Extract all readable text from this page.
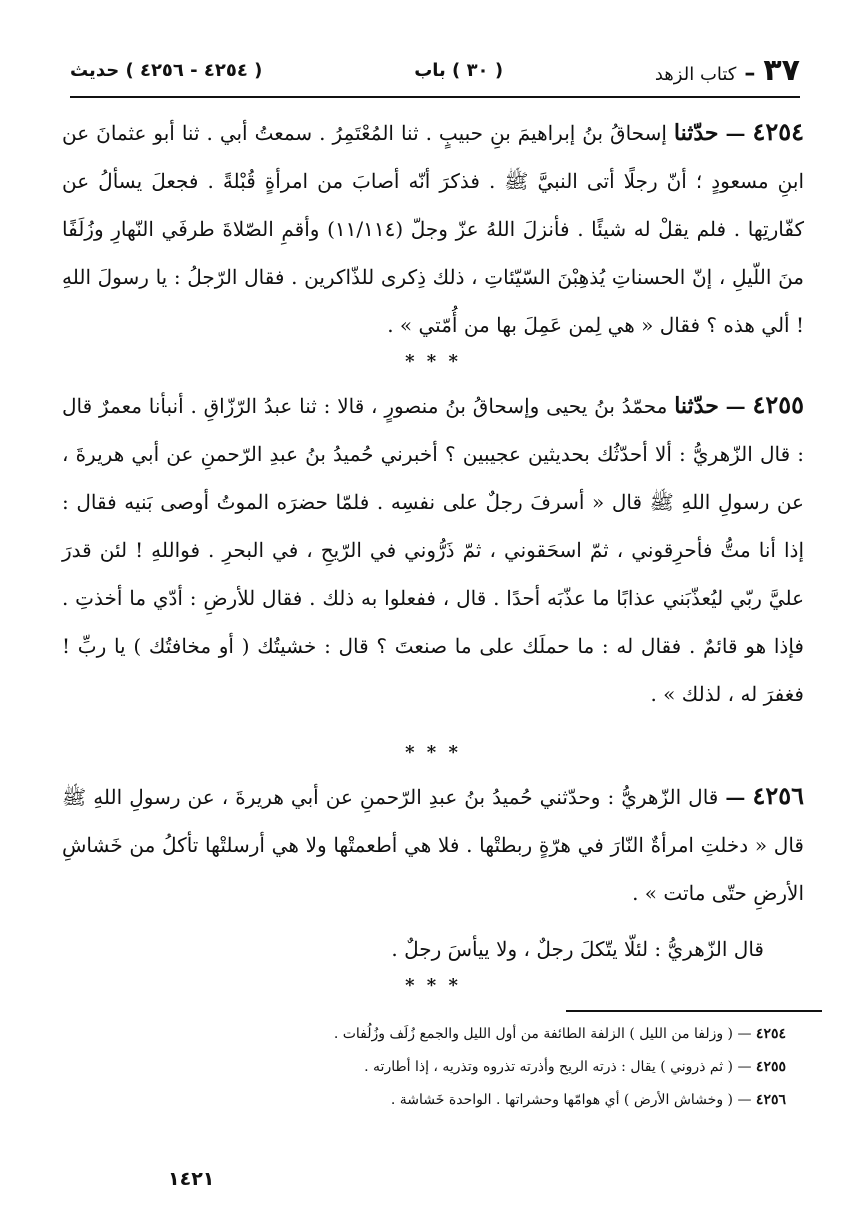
٣٧
–
كتاب الزهد
( ٣٠ ) باب
( ٤٢٥٤ - ٤٢٥٦ ) حديث

٤٢٥٤ — حدّثنا إسحاقُ بنُ إبراهيمَ بنِ حبيبٍ . ثنا المُعْتَمِرُ . سمعتُ أبي . ثنا أبو عثمانَ عن ابنِ مسعودٍ ؛ أنّ رجلًا أتى النبيَّ ﷺ . فذكرَ أنّه أصابَ من امرأةٍ قُبْلةً . فجعلَ يسألُ عن كفّارتِها . فلم يقلْ له شيئًا . فأنزلَ اللهُ عزّ وجلّ (١١/١١٤) وأقمِ الصّلاةَ طرفَي النّهارِ وزُلَفًا منَ اللّيلِ ، إنّ الحسناتِ يُذهِبْنَ السّيّئاتِ ، ذلك ذِكرى للذّاكرين . فقال الرّجلُ : يا رسولَ اللهِ ! ألي هذه ؟ فقال « هي لِمن عَمِلَ بها من أُمّتي » .

* * *

٤٢٥٥ — حدّثنا محمّدُ بنُ يحيى وإسحاقُ بنُ منصورٍ ، قالا : ثنا عبدُ الرّزّاقِ . أنبأنا معمرٌ قال : قال الزّهريُّ : ألا أحدّثُك بحديثين عجيبين ؟ أخبرني حُميدُ بنُ عبدِ الرّحمنِ عن أبي هريرةَ ، عن رسولِ اللهِ ﷺ قال « أسرفَ رجلٌ على نفسِه . فلمّا حضرَه الموتُ أوصى بَنيه فقال : إذا أنا متُّ فأحرِقوني ، ثمّ اسحَقوني ، ثمّ ذَرُّوني في الرّيحِ ، في البحرِ . فواللهِ ! لئن قدرَ عليَّ ربّي ليُعذّبَني عذابًا ما عذّبَه أحدًا . قال ، ففعلوا به ذلك . فقال للأرضِ : أدّي ما أخذتِ . فإذا هو قائمٌ . فقال له : ما حملَك على ما صنعتَ ؟ قال : خشيتُك ( أو مخافتُك ) يا ربِّ ! فغفرَ له ، لذلك » .

* * *

٤٢٥٦ — قال الزّهريُّ : وحدّثني حُميدُ بنُ عبدِ الرّحمنِ عن أبي هريرةَ ، عن رسولِ اللهِ ﷺ قال « دخلتِ امرأةٌ النّارَ في هرّةٍ ربطتْها . فلا هي أطعمتْها ولا هي أرسلتْها تأكلُ من خَشاشِ الأرضِ حتّى ماتت » .

قال الزّهريُّ : لئلّا يتّكلَ رجلٌ ، ولا ييأسَ رجلٌ .

* * *

٤٢٥٤ — ( وزلفا من الليل ) الزلفة الطائفة من أول الليل والجمع زُلَف وزُلُفات .

٤٢٥٥ — ( ثم ذروني ) يقال : ذرته الريح وأذرته تذروه وتذريه ، إذا أطارته .

٤٢٥٦ — ( وخشاش الأرض ) أي هوامّها وحشراتها . الواحدة خَشاشة .

١٤٢١
